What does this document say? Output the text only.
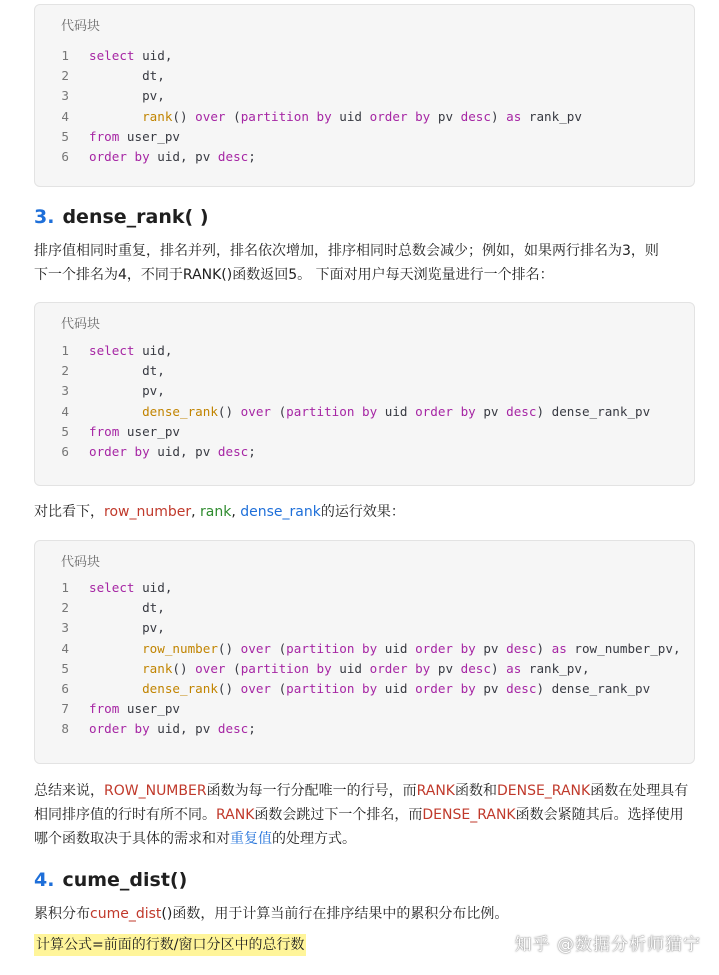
代码块
1 select uid,
2       dt,
3       pv,
4	rank() over (partition by uid order by pv desc) as rank_pv
5 from user_pv
6 order by uid, pv desc;
3. dense_rank( )
排序值相同时重复，排名并列，排名依次增加，排序相同时总数会减少；例如，如果两行排名为3，则
下一个排名为4，不同于RANK()函数返回5。 下面对用户每天浏览量进行一个排名：
代码块
1 select uid,
2       dt,
3       pv,
4	dense_rank() over (partition by uid order by pv desc) dense_rank_pv
5 from user_pv
6 order by uid, pv desc;
对比看下，row_number, rank, dense_rank的运行效果：
代码块
1 select uid,
2       dt,
3       pv,
4	row_number() over (partition by uid order by pv desc) as row_number_pv,
5	rank() over (partition by uid order by pv desc) as rank_pv,
6	dense_rank() over (partition by uid order by pv desc) dense_rank_pv
7 from user_pv
8 order by uid, pv desc;
总结来说，ROW_NUMBER函数为每一行分配唯一的行号，而RANK函数和DENSE_RANK函数在处理具有相同排序值的行时有所不同。RANK函数会跳过下一个排名，而DENSE_RANK函数会紧随其后。选择使用哪个函数取决于具体的需求和对重复值的处理方式。
4. cume_dist()
累积分布cume_dist()函数，用于计算当前行在排序结果中的累积分布比例。
计算公式=前面的行数/窗口分区中的总行数	知乎 @数据分析师猫宁
